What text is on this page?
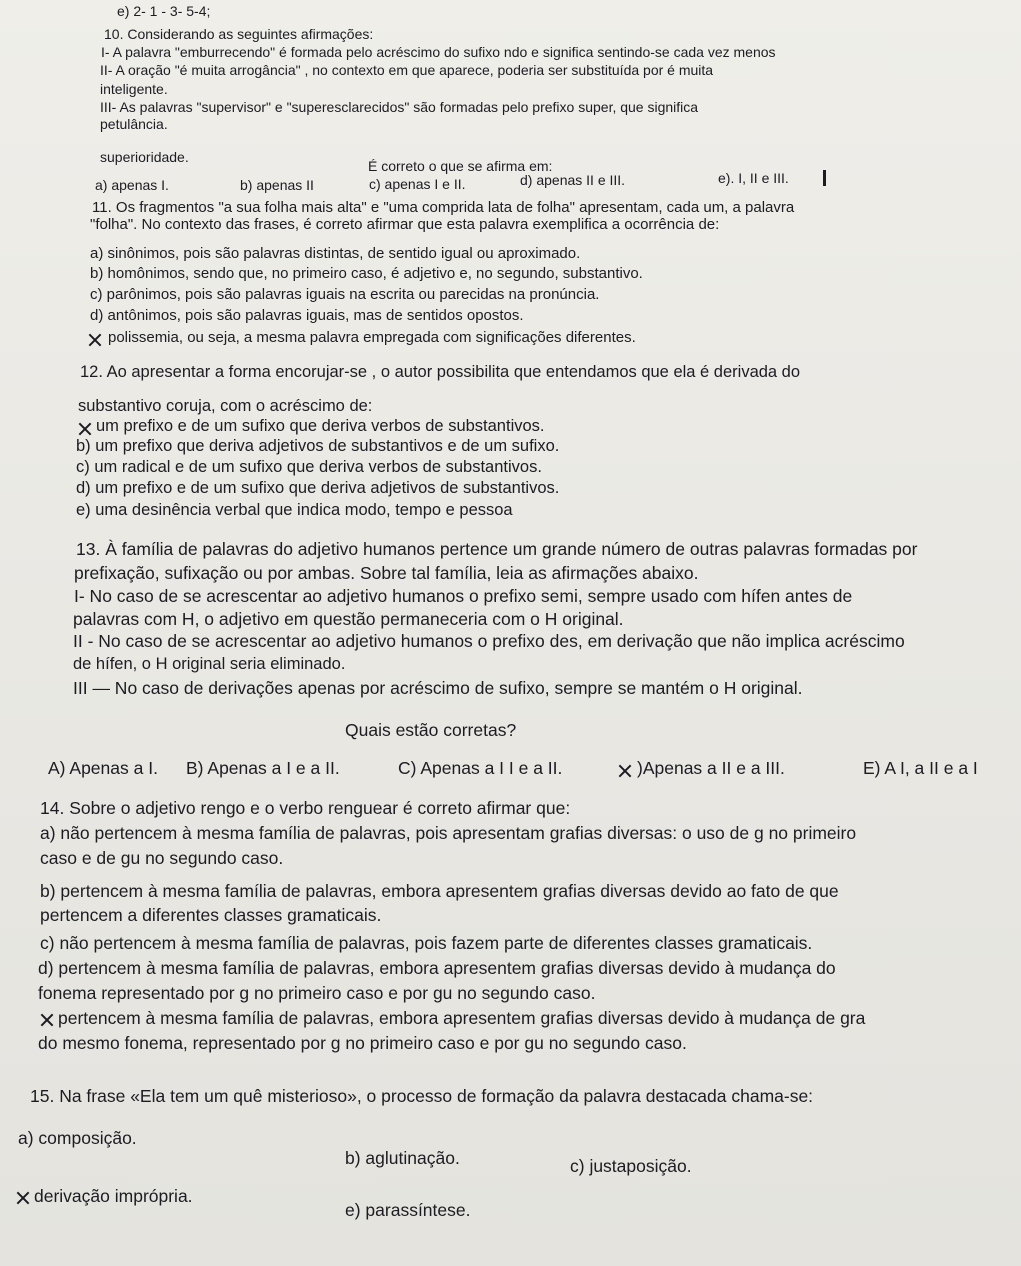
e) 2- 1 - 3- 5-4;
10. Considerando as seguintes afirmações:
I- A palavra "emburrecendo" é formada pelo acréscimo do sufixo ndo e significa sentindo-se cada vez menos
inteligente.
II- A oração "é muita arrogância" , no contexto em que aparece, poderia ser substituída por é muita
petulância.
III- As palavras "supervisor" e "superesclarecidos" são formadas pelo prefixo super, que significa
superioridade.
É correto o que se afirma em:
a) apenas I.	b) apenas II	c) apenas I e II.	d) apenas II e III.	e). I, II e III.
11. Os fragmentos "a sua folha mais alta" e "uma comprida lata de folha" apresentam, cada um, a palavra
"folha". No contexto das frases, é correto afirmar que esta palavra exemplifica a ocorrência de:
a) sinônimos, pois são palavras distintas, de sentido igual ou aproximado.
b) homônimos, sendo que, no primeiro caso, é adjetivo e, no segundo, substantivo.
c) parônimos, pois são palavras iguais na escrita ou parecidas na pronúncia.
d) antônimos, pois são palavras iguais, mas de sentidos opostos.
polissemia, ou seja, a mesma palavra empregada com significações diferentes.
12. Ao apresentar a forma encorujar-se , o autor possibilita que entendamos que ela é derivada do
substantivo coruja, com o acréscimo de:
um prefixo e de um sufixo que deriva verbos de substantivos.
b) um prefixo que deriva adjetivos de substantivos e de um sufixo.
c) um radical e de um sufixo que deriva verbos de substantivos.
d) um prefixo e de um sufixo que deriva adjetivos de substantivos.
e) uma desinência verbal que indica modo, tempo e pessoa
13. À família de palavras do adjetivo humanos pertence um grande número de outras palavras formadas por
prefixação, sufixação ou por ambas. Sobre tal família, leia as afirmações abaixo.
I- No caso de se acrescentar ao adjetivo humanos o prefixo semi, sempre usado com hífen antes de
palavras com H, o adjetivo em questão permaneceria com o H original.
II - No caso de se acrescentar ao adjetivo humanos o prefixo des, em derivação que não implica acréscimo
de hífen, o H original seria eliminado.
III — No caso de derivações apenas por acréscimo de sufixo, sempre se mantém o H original.
Quais estão corretas?
A) Apenas a I. B) Apenas a I e a II.	C) Apenas a I I e a II.	)Apenas a II e a III.	E) A I, a II e a I
14. Sobre o adjetivo rengo e o verbo renguear é correto afirmar que:
a) não pertencem à mesma família de palavras, pois apresentam grafias diversas: o uso de g no primeiro
caso e de gu no segundo caso.
b) pertencem à mesma família de palavras, embora apresentem grafias diversas devido ao fato de que
pertencem a diferentes classes gramaticais.
c) não pertencem à mesma família de palavras, pois fazem parte de diferentes classes gramaticais.
d) pertencem à mesma família de palavras, embora apresentem grafias diversas devido à mudança do
fonema representado por g no primeiro caso e por gu no segundo caso.
pertencem à mesma família de palavras, embora apresentem grafias diversas devido à mudança de gra
do mesmo fonema, representado por g no primeiro caso e por gu no segundo caso.
15. Na frase «Ela tem um quê misterioso», o processo de formação da palavra destacada chama-se:
a) composição.
b) aglutinação.	c) justaposição.
derivação imprópria.
e) parassíntese.
